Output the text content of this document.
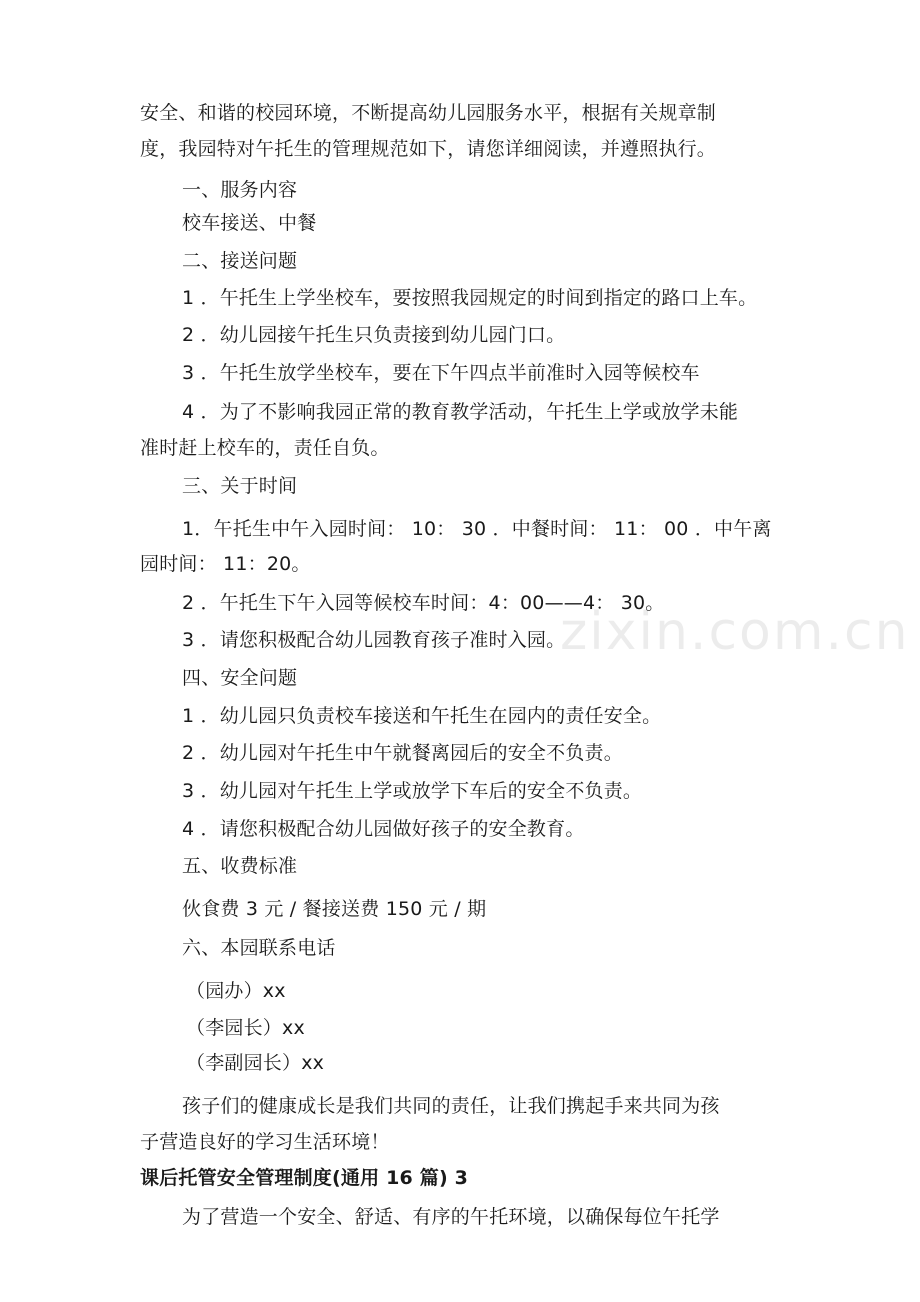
安全、和谐的校园环境，不断提高幼儿园服务水平，根据有关规章制
度，我园特对午托生的管理规范如下，请您详细阅读，并遵照执行。
一、服务内容
校车接送、中餐
二、接送问题
1 ．午托生上学坐校车，要按照我园规定的时间到指定的路口上车。
2 ．幼儿园接午托生只负责接到幼儿园门口。
3 ．午托生放学坐校车，要在下午四点半前准时入园等候校车
4 ．为了不影响我园正常的教育教学活动，午托生上学或放学未能
准时赶上校车的，责任自负。
三、关于时间
1．午托生中午入园时间： 10： 30 ．中餐时间： 11： 00 ．中午离
园时间： 11：20。
2 ．午托生下午入园等候校车时间：4：00——4： 30。
3 ．请您积极配合幼儿园教育孩子准时入园。
四、安全问题
1 ．幼儿园只负责校车接送和午托生在园内的责任安全。
2 ．幼儿园对午托生中午就餐离园后的安全不负责。
3 ．幼儿园对午托生上学或放学下车后的安全不负责。
4 ．请您积极配合幼儿园做好孩子的安全教育。
五、收费标准
伙食费 3 元 / 餐接送费 150 元 / 期
六、本园联系电话
（园办）xx
（李园长）xx
（李副园长）xx
孩子们的健康成长是我们共同的责任，让我们携起手来共同为孩
子营造良好的学习生活环境！
课后托管安全管理制度(通用 16 篇) 3
为了营造一个安全、舒适、有序的午托环境，以确保每位午托学
zixin.com.cn
